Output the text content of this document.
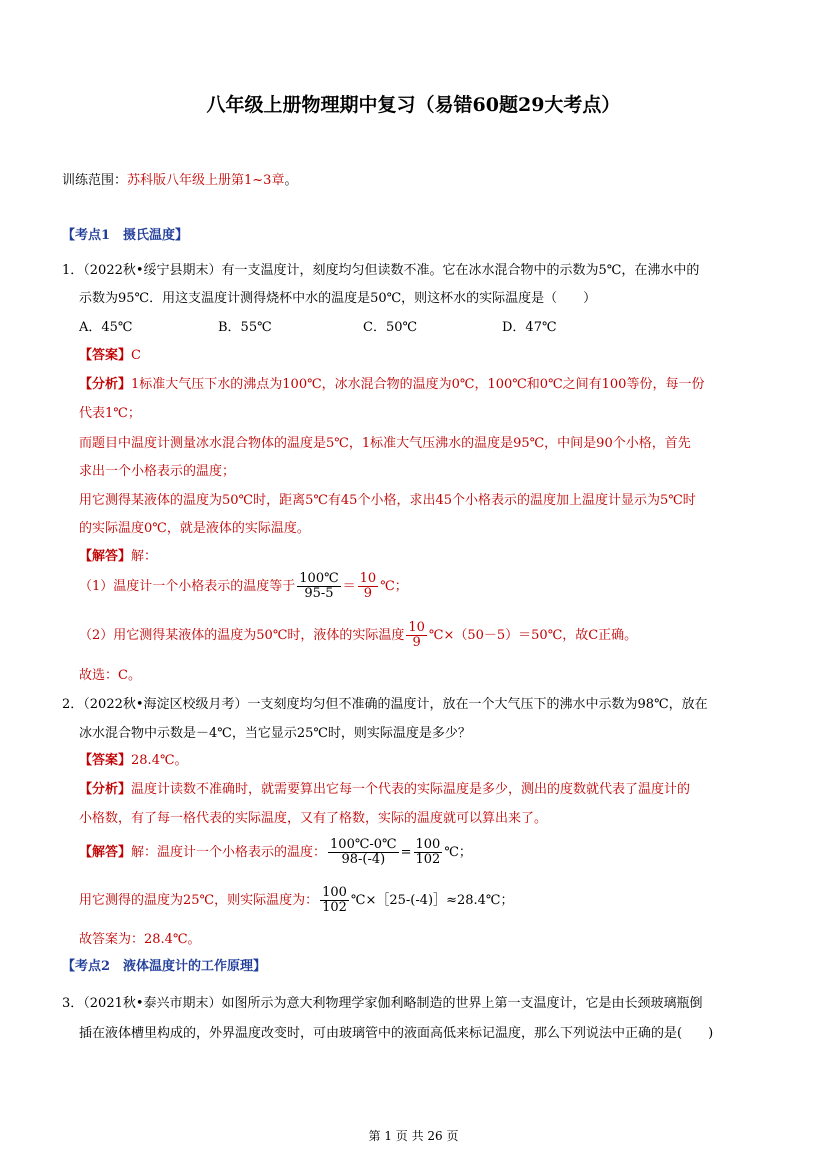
八年级上册物理期中复习（易错60题29大考点）
训练范围：苏科版八年级上册第1~3章。
【考点1　摄氏温度】
1．（2022秋•绥宁县期末）有一支温度计，刻度均匀但读数不准。它在冰水混合物中的示数为5℃，在沸水中的
示数为95℃．用这支温度计测得烧杯中水的温度是50℃，则这杯水的实际温度是（　　）
A．45℃	B．55℃	C．50℃	D．47℃
【答案】C
【分析】1标准大气压下水的沸点为100℃，冰水混合物的温度为0℃，100℃和0℃之间有100等份，每一份
代表1℃；
而题目中温度计测量冰水混合物体的温度是5℃，1标准大气压沸水的温度是95℃，中间是90个小格，首先
求出一个小格表示的温度；
用它测得某液体的温度为50℃时，距离5℃有45个小格，求出45个小格表示的温度加上温度计显示为5℃时
的实际温度0℃，就是液体的实际温度。
【解答】解：
（1）温度计一个小格表示的温度等于 $\frac{100℃}{95-5} = \frac{10}{9}$ ℃；
（2）用它测得某液体的温度为50℃时，液体的实际温度 $\frac{10}{9}$ ℃×（50－5）＝50℃，故C正确。
故选：C。
2．（2022秋•海淀区校级月考）一支刻度均匀但不准确的温度计，放在一个大气压下的沸水中示数为98℃，放在
冰水混合物中示数是－4℃，当它显示25℃时，则实际温度是多少？
【答案】28.4℃。
【分析】温度计读数不准确时，就需要算出它每一个代表的实际温度是多少，测出的度数就代表了温度计的
小格数，有了每一格代表的实际温度，又有了格数，实际的温度就可以算出来了。
【解答】解：温度计一个小格表示的温度： $\frac{100℃-0℃}{98-(-4)} = \frac{100}{102}$ ℃；
用它测得的温度为25℃，则实际温度为： $\frac{100}{102}$ ℃×［25-(-4)］≈28.4℃；
故答案为：28.4℃。
【考点2　液体温度计的工作原理】
3．（2021秋•泰兴市期末）如图所示为意大利物理学家伽利略制造的世界上第一支温度计，它是由长颈玻璃瓶倒
插在液体槽里构成的，外界温度改变时，可由玻璃管中的液面高低来标记温度，那么下列说法中正确的是(　　)
第 1 页 共 26 页
